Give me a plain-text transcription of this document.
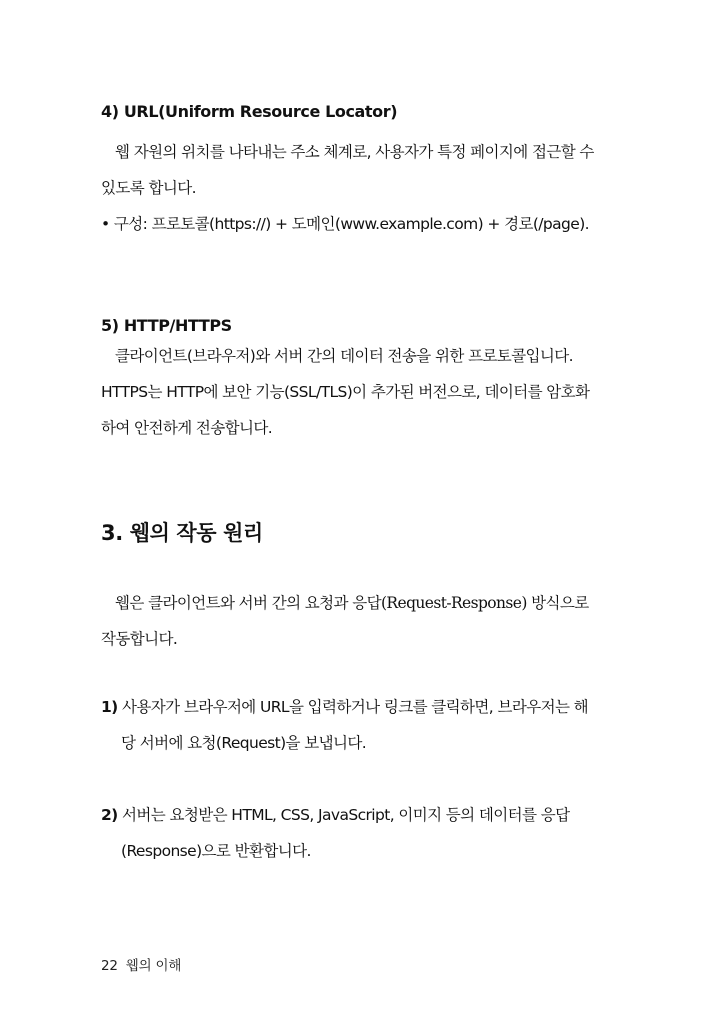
4) URL(Uniform Resource Locator)

웹 자원의 위치를 나타내는 주소 체계로, 사용자가 특정 페이지에 접근할 수 있도록 합니다.

• 구성: 프로토콜(https://) + 도메인(www.example.com) + 경로(/page).

5) HTTP/HTTPS

클라이언트(브라우저)와 서버 간의 데이터 전송을 위한 프로토콜입니다. HTTPS는 HTTP에 보안 기능(SSL/TLS)이 추가된 버전으로, 데이터를 암호화하여 안전하게 전송합니다.

3. 웹의 작동 원리

웹은 클라이언트와 서버 간의 요청과 응답(Request-Response) 방식으로 작동합니다.

1) 사용자가 브라우저에 URL을 입력하거나 링크를 클릭하면, 브라우저는 해당 서버에 요청(Request)을 보냅니다.

2) 서버는 요청받은 HTML, CSS, JavaScript, 이미지 등의 데이터를 응답(Response)으로 반환합니다.

22 웹의 이해
